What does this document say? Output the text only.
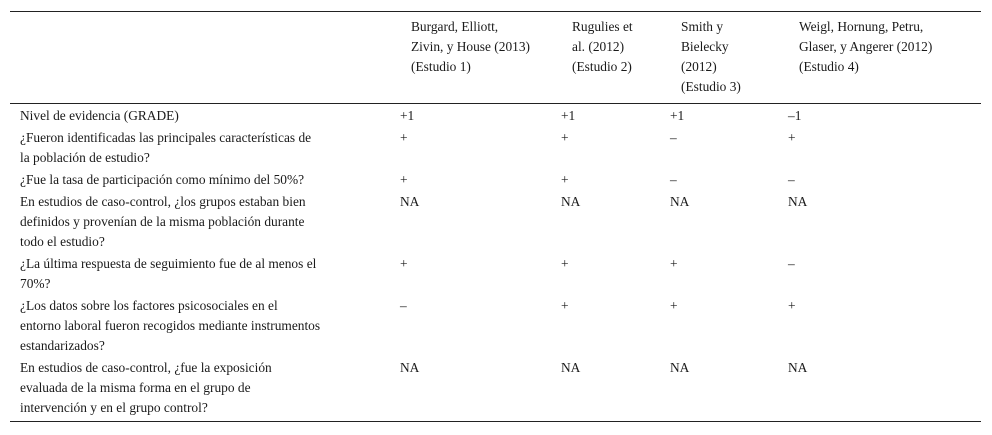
	Burgard, Elliott,
Zivin, y House (2013)
(Estudio 1)	Rugulies et
al. (2012)
(Estudio 2)	Smith y
Bielecky
(2012)
(Estudio 3)	Weigl, Hornung, Petru,
Glaser, y Angerer (2012)
(Estudio 4)
Nivel de evidencia (GRADE)	+1	+1	+1	–1
¿Fueron identificadas las principales características de
la población de estudio?	+	+	–	+
¿Fue la tasa de participación como mínimo del 50%?	+	+	–	–
En estudios de caso-control, ¿los grupos estaban bien
definidos y provenían de la misma población durante
todo el estudio?	NA	NA	NA	NA
¿La última respuesta de seguimiento fue de al menos el
70%?	+	+	+	–
¿Los datos sobre los factores psicosociales en el
entorno laboral fueron recogidos mediante instrumentos
estandarizados?	–	+	+	+
En estudios de caso-control, ¿fue la exposición
evaluada de la misma forma en el grupo de
intervención y en el grupo control?	NA	NA	NA	NA
